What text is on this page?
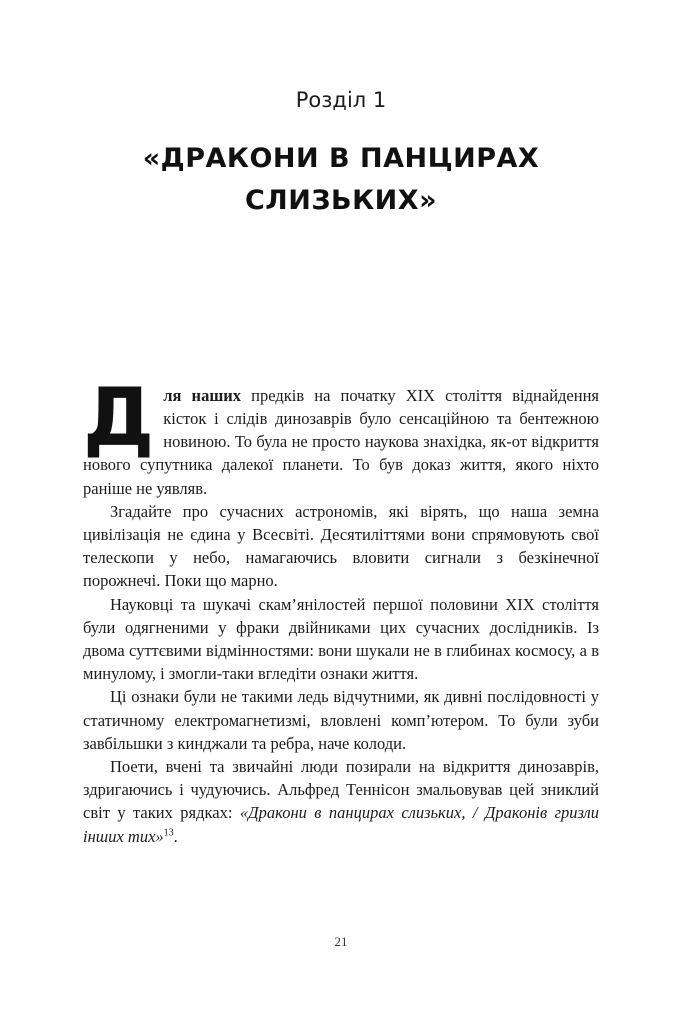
Розділ 1
«ДРАКОНИ В ПАНЦИРАХ
СЛИЗЬКИХ»

Для наших предків на початку XIX століття віднайдення кісток і слідів динозаврів було сенсаційною та бентежною новиною. То була не просто наукова знахідка, як-от відкриття нового супутника далекої планети. То був доказ життя, якого ніхто раніше не уявляв.

Згадайте про сучасних астрономів, які вірять, що наша земна цивілізація не єдина у Всесвіті. Десятиліттями вони спрямовують свої телескопи у небо, намагаючись вловити сигнали з безкінечної порожнечі. Поки що марно.

Науковці та шукачі скам’янілостей першої половини XIX століття були одягненими у фраки двійниками цих сучасних дослідників. Із двома суттєвими відмінностями: вони шукали не в глибинах космосу, а в минулому, і змогли-таки вгледіти ознаки життя.

Ці ознаки були не такими ледь відчутними, як дивні послідовності у статичному електромагнетизмі, вловлені комп’ютером. То були зуби завбільшки з кинджали та ребра, наче колоди.

Поети, вчені та звичайні люди позирали на відкриття динозаврів, здригаючись і чудуючись. Альфред Теннісон змальовував цей зниклий світ у таких рядках: «Дракони в панцирах слизьких, / Драконів гризли інших тих»$^{13}$.

21
